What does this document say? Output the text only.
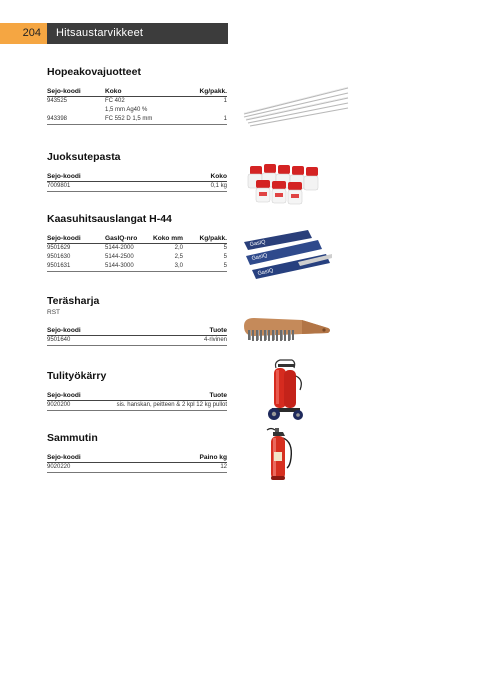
204	Hitsaustarvikkeet
Hopeakovajuotteet
Sejo-koodi	Koko	Kg/pakk.
943525	FC 402	1
	1,5 mm Ag40 %	
943398	FC 552 D 1,5 mm	1
Juoksutepasta
Sejo-koodi	Koko
7009801	0,1 kg
Kaasuhitsauslangat H-44
Sejo-koodi	GasIQ-nro	Koko mm	Kg/pakk.
9501629	5144-2000	2,0	5
9501630	5144-2500	2,5	5
9501631	5144-3000	3,0	5
GasIQ
GasIQ
GasIQ
Teräsharja
RST
Sejo-koodi	Tuote
9501640	4-rivinen
Tulityökärry
Sejo-koodi	Tuote
9020200	sis. hanskan, peitteen & 2 kpl 12 kg pullot
Sammutin
Sejo-koodi	Paino kg
9020220	12
